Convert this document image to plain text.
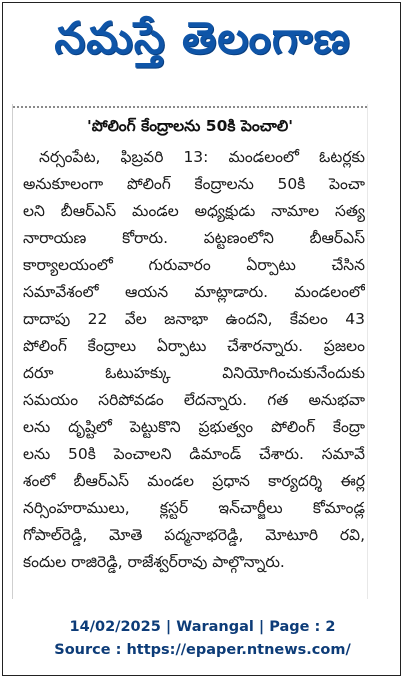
నమస్తే తెలంగాణ
'పోలింగ్ కేంద్రాలను 50కి పెంచాలి'
నర్సంపేట, ఫిబ్రవరి 13: మండలంలో ఓటర్లకు
అనుకూలంగా పోలింగ్ కేంద్రాలను 50కి పెంచా
లని బీఆర్ఎస్ మండల అధ్యక్షుడు నామాల సత్య
నారాయణ కోరారు. పట్టణంలోని బీఆర్ఎస్
కార్యాలయంలో గురువారం ఏర్పాటు చేసిన
సమావేశంలో ఆయన మాట్లాడారు. మండలంలో
దాదాపు 22 వేల జనాభా ఉందని, కేవలం 43
పోలింగ్ కేంద్రాలు ఏర్పాటు చేశారన్నారు. ప్రజలం
దరూ ఓటుహక్కు వినియోగించుకునేందుకు
సమయం సరిపోవడం లేదన్నారు. గత అనుభవా
లను దృష్టిలో పెట్టుకొని ప్రభుత్వం పోలింగ్ కేంద్రా
లను 50కి పెంచాలని డిమాండ్ చేశారు. సమావే
శంలో బీఆర్ఎస్ మండల ప్రధాన కార్యదర్శి ఈర్ల
నర్సింహరాములు, క్లస్టర్ ఇన్‌చార్జీలు కోమాండ్ల
గోపాల్‌రెడ్డి, మోతె పద్మనాభరెడ్డి, మోటూరి రవి,
కందుల రాజిరెడ్డి, రాజేశ్వర్‌రావు పాల్గొన్నారు.
14/02/2025 | Warangal | Page : 2
Source : https://epaper.ntnews.com/
